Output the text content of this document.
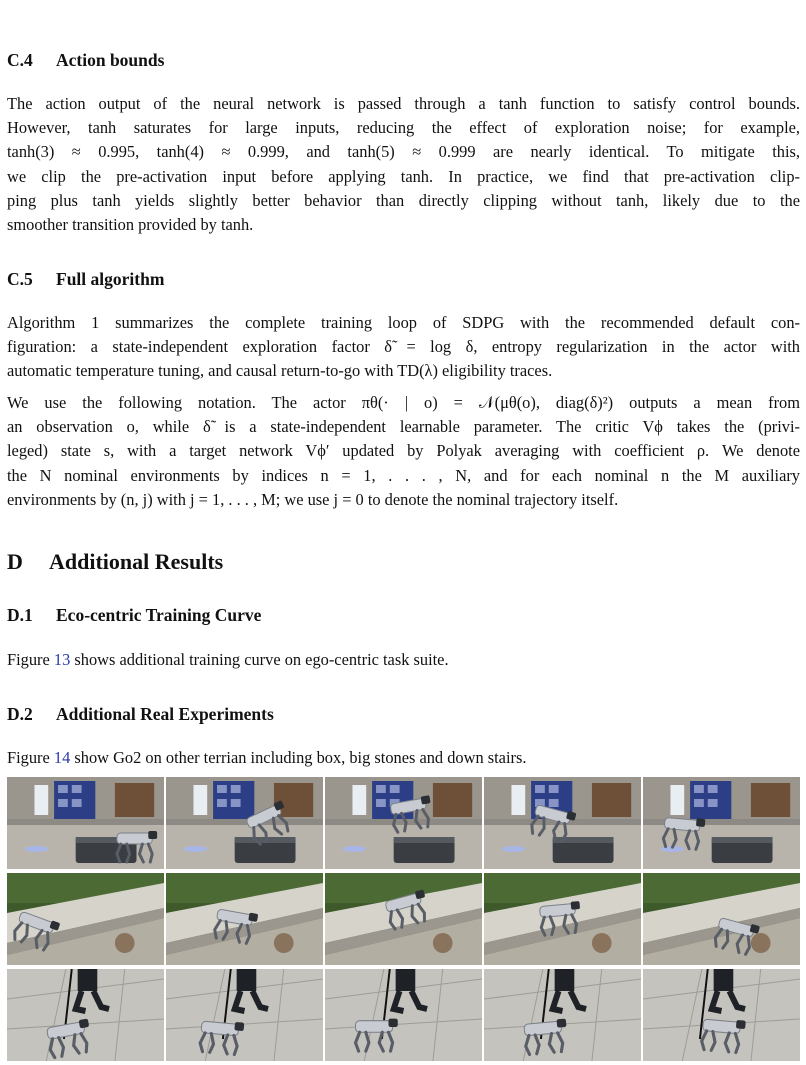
C.4 Action bounds
The action output of the neural network is passed through a tanh function to satisfy control bounds.
However, tanh saturates for large inputs, reducing the effect of exploration noise; for example,
tanh(3) ≈ 0.995, tanh(4) ≈ 0.999, and tanh(5) ≈ 0.999 are nearly identical. To mitigate this,
we clip the pre-activation input before applying tanh. In practice, we find that pre-activation clip-
ping plus tanh yields slightly better behavior than directly clipping without tanh, likely due to the
smoother transition provided by tanh.
C.5 Full algorithm
Algorithm 1 summarizes the complete training loop of SDPG with the recommended default con-
figuration: a state-independent exploration factor δ̃ = log δ, entropy regularization in the actor with
automatic temperature tuning, and causal return-to-go with TD(λ) eligibility traces.
We use the following notation. The actor πθ(· | o) = 𝒩(μθ(o), diag(δ)²) outputs a mean from
an observation o, while δ̃ is a state-independent learnable parameter. The critic Vϕ takes the (privi-
leged) state s, with a target network Vϕ′ updated by Polyak averaging with coefficient ρ. We denote
the N nominal environments by indices n = 1, . . . , N, and for each nominal n the M auxiliary
environments by (n, j) with j = 1, . . . , M; we use j = 0 to denote the nominal trajectory itself.
D Additional Results
D.1 Eco-centric Training Curve
Figure 13 shows additional training curve on ego-centric task suite.
D.2 Additional Real Experiments
Figure 14 show Go2 on other terrian including box, big stones and down stairs.
